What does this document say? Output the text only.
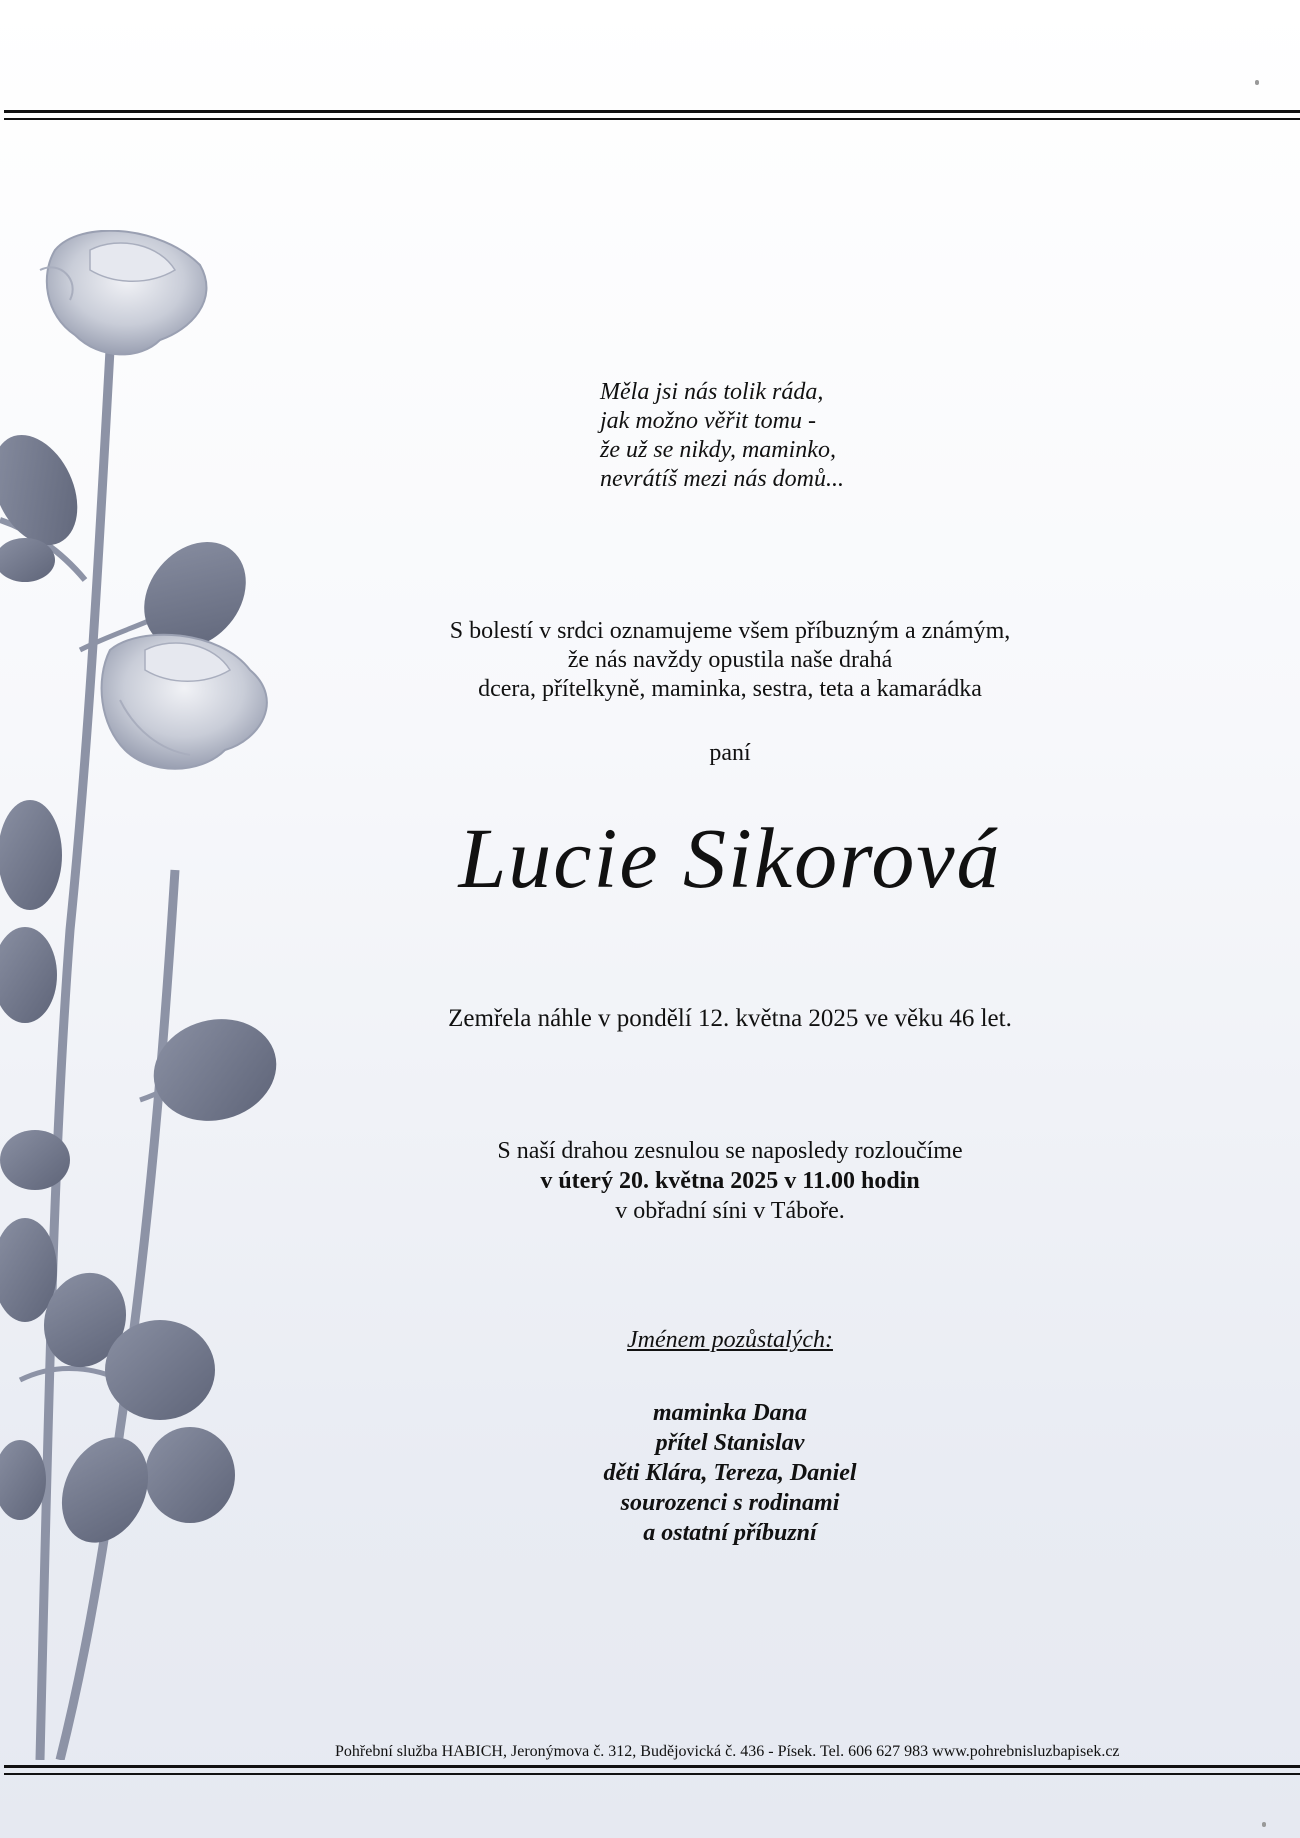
Měla jsi nás tolik ráda,
jak možno věřit tomu -
že už se nikdy, maminko,
nevrátíš mezi nás domů...
S bolestí v srdci oznamujeme všem příbuzným a známým,
že nás navždy opustila naše drahá
dcera, přítelkyně, maminka, sestra, teta a kamarádka
paní
Lucie Sikorová
Zemřela náhle v pondělí 12. května 2025 ve věku 46 let.
S naší drahou zesnulou se naposledy rozloučíme
v úterý 20. května 2025 v 11.00 hodin
v obřadní síni v Táboře.
Jménem pozůstalých:
maminka Dana
přítel Stanislav
děti Klára, Tereza, Daniel
sourozenci s rodinami
a ostatní příbuzní
Pohřební služba HABICH, Jeronýmova č. 312, Budějovická č. 436 - Písek. Tel. 606 627 983 www.pohrebnisluzbapisek.cz
